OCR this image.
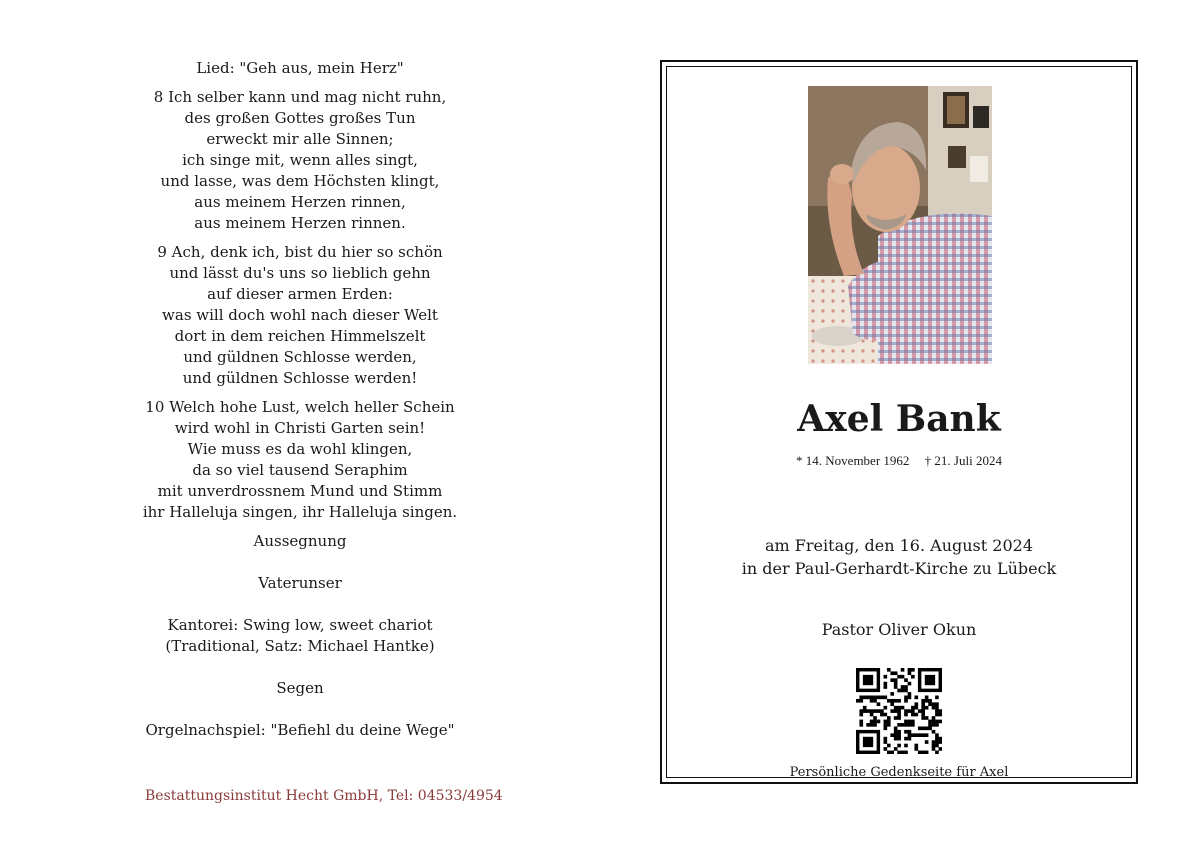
Lied: "Geh aus, mein Herz"
8 Ich selber kann und mag nicht ruhn,
des großen Gottes großes Tun
erweckt mir alle Sinnen;
ich singe mit, wenn alles singt,
und lasse, was dem Höchsten klingt,
aus meinem Herzen rinnen,
aus meinem Herzen rinnen.
9 Ach, denk ich, bist du hier so schön
und lässt du's uns so lieblich gehn
auf dieser armen Erden:
was will doch wohl nach dieser Welt
dort in dem reichen Himmelszelt
und güldnen Schlosse werden,
und güldnen Schlosse werden!
10 Welch hohe Lust, welch heller Schein
wird wohl in Christi Garten sein!
Wie muss es da wohl klingen,
da so viel tausend Seraphim
mit unverdrossnem Mund und Stimm
ihr Halleluja singen, ihr Halleluja singen.
Aussegnung
Vaterunser
Kantorei: Swing low, sweet chariot
(Traditional, Satz: Michael Hantke)
Segen
Orgelnachspiel: "Befiehl du deine Wege"
Bestattungsinstitut Hecht GmbH, Tel: 04533/4954
Axel Bank
* 14. November 1962 † 21. Juli 2024
am Freitag, den 16. August 2024
in der Paul-Gerhardt-Kirche zu Lübeck
Pastor Oliver Okun
Persönliche Gedenkseite für Axel
